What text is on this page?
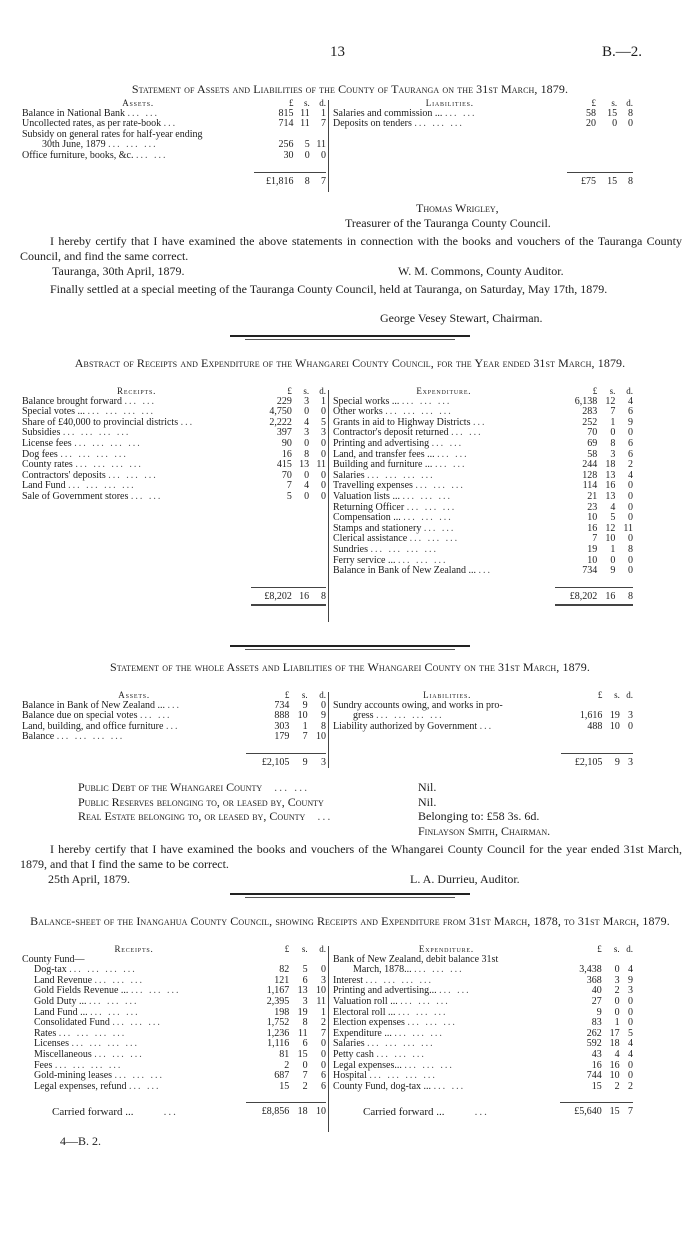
13	B.—2.
Statement of Assets and Liabilities of the County of Tauranga on the 31st March, 1879.
Assets.	£	s.	d.
Balance in National Bank ... ...	815	11	1
Uncollected rates, as per rate-book ...	714	11	7
Subsidy on general rates for half-year ending			
30th June, 1879 ... ... ...	256	5	11
Office furniture, books, &c. ... ...	30	0	0

	£1,816	8	7
Liabilities.	£	s.	d.
Salaries and commission ... ... ...	58	15	8
Deposits on tenders ... ... ...	20	0	0

	£75	15	8
Thomas Wrigley,
Treasurer of the Tauranga County Council.
I hereby certify that I have examined the above statements in connection with the books and vouchers of the Tauranga County Council, and find the same correct.
Tauranga, 30th April, 1879.	W. M. Commons, County Auditor.
Finally settled at a special meeting of the Tauranga County Council, held at Tauranga, on Saturday, May 17th, 1879.
George Vesey Stewart, Chairman.
Abstract of Receipts and Expenditure of the Whangarei County Council, for the Year ended 31st March, 1879.
Receipts.	£	s.	d.
Balance brought forward ... ...	229	3	1
Special votes ... ... ... ... ...	4,750	0	0
Share of £40,000 to provincial districts ...	2,222	4	5
Subsidies ... ... ... ...	397	3	3
License fees ... ... ... ...	90	0	0
Dog fees ... ... ... ...	16	8	0
County rates ... ... ... ...	415	13	11
Contractors' deposits ... ... ...	70	0	0
Land Fund ... ... ... ...	7	4	0
Sale of Government stores ... ...	5	0	0

	£8,202	16	8
Expenditure.	£	s.	d.
Special works ... ... ... ...	6,138	12	4
Other works ... ... ... ...	283	7	6
Grants in aid to Highway Districts ...	252	1	9
Contractor's deposit returned ... ...	70	0	0
Printing and advertising ... ...	69	8	6
Land, and transfer fees ... ... ...	58	3	6
Building and furniture ... ... ...	244	18	2
Salaries ... ... ... ...	128	13	4
Travelling expenses ... ... ...	114	16	0
Valuation lists ... ... ... ...	21	13	0
Returning Officer ... ... ...	23	4	0
Compensation ... ... ... ...	10	5	0
Stamps and stationery ... ...	16	12	11
Clerical assistance ... ... ...	7	10	0
Sundries ... ... ... ...	19	1	8
Ferry service ... ... ... ...	10	0	0
Balance in Bank of New Zealand ... ...	734	9	0

	£8,202	16	8
Statement of the whole Assets and Liabilities of the Whangarei County on the 31st March, 1879.
Assets.	£	s.	d.
Balance in Bank of New Zealand ... ...	734	9	0
Balance due on special votes ... ...	888	10	9
Land, building, and office furniture ...	303	1	8
Balance ... ... ... ...	179	7	10

	£2,105	9	3
Liabilities.	£	s.	d.
Sundry accounts owing, and works in pro-			
gress ... ... ... ...	1,616	19	3
Liability authorized by Government ...	488	10	0

	£2,105	9	3
Public Debt of the Whangarei County ... ...	Nil.
Public Reserves belonging to, or leased by, County	Nil.
Real Estate belonging to, or leased by, County ...	Belonging to: £58 3s. 6d.
Finlayson Smith, Chairman.
I hereby certify that I have examined the books and vouchers of the Whangarei County Council for the year ended 31st March, 1879, and that I find the same to be correct.
25th April, 1879.	L. A. Durrieu, Auditor.
Balance-sheet of the Inangahua County Council, showing Receipts and Expenditure from 31st March, 1878, to 31st March, 1879.
Receipts.	£	s.	d.
County Fund—			
Dog-tax ... ... ... ...	82	5	0
Land Revenue ... ... ...	121	6	3
Gold Fields Revenue ... ... ... ...	1,167	13	10
Gold Duty ... ... ... ...	2,395	3	11
Land Fund ... ... ... ...	198	19	1
Consolidated Fund ... ... ...	1,752	8	2
Rates ... ... ... ...	1,236	11	7
Licenses ... ... ... ...	1,116	6	0
Miscellaneous ... ... ...	81	15	0
Fees ... ... ... ...	2	0	0
Gold-mining leases ... ... ...	687	7	6
Legal expenses, refund ... ...	15	2	6

Carried forward ... ...	£8,856	18	10
Expenditure.	£	s.	d.
Bank of New Zealand, debit balance 31st			
March, 1878... ... ... ...	3,438	0	4
Interest ... ... ... ...	368	3	9
Printing and advertising... ... ...	40	2	3
Valuation roll ... ... ... ...	27	0	0
Electoral roll ... ... ... ...	9	0	0
Election expenses ... ... ...	83	1	0
Expenditure ... ... ... ...	262	17	5
Salaries ... ... ... ...	592	18	4
Petty cash ... ... ...	43	4	4
Legal expenses... ... ... ...	16	16	0
Hospital ... ... ... ...	744	10	0
County Fund, dog-tax ... ... ...	15	2	2

Carried forward ... ...	£5,640	15	7
4—B. 2.
